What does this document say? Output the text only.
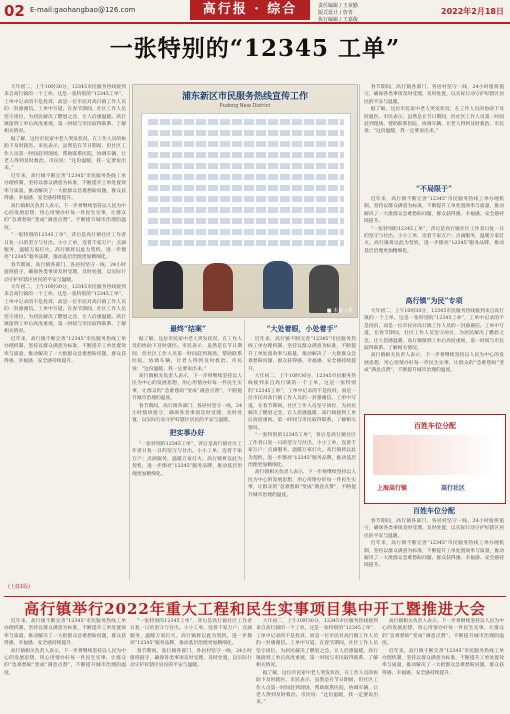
02 E-mail:gaohangbao@126.com	高行报 · 综合	责任编辑 / 王章勤
版式设计 / 詹青
执行编辑 / 王嘉俊
2022年2月18日
一张特别的“12345 工单”

大年初二，上午10时30分，12345市民服务热线接到来自高行镇的一个工单。这是一张特别的“12345工单”，工单中记录的不是投诉，而是一位市民对高行镇工作人员的一封感谢信。工单中写道，在春节期间，社区工作人员坚守岗位，为居民解决了燃眉之急，让人倍感温暖。高行镇接到工单后高度重视，第一时间与市民取得联系，了解相关情况。

据了解，这位市民家中老人突发状况，在工作人员的协助下及时就医。市民表示，虽然是在节日期间，但社区工作人员第一时间赶到现场，帮助联系医院，协调车辆，让老人得到及时救治。市民说：“这份温暖，我一定要说出来。”

近年来，高行镇不断完善“12345”市民服务热线工单办理机制，坚持以群众满意为标准，不断提升工单处置效率与质量，推动解决了一大批群众急难愁盼问题，群众获得感、幸福感、安全感持续提升。

高行镇相关负责人表示，下一步将继续坚持以人民为中心的发展思想，用心用情办好每一件民生实事，让群众的“急难愁盼”变成“满意点赞”，不断提升城市治理的温度。

“一张特别的12345工单”，背后是高行镇社区工作者日复一日的坚守与付出。小小工单，连着千家万户；点滴服务，温暖万家灯火。高行镇将以此为契机，进一步擦亮“12345”服务品牌，推动基层治理更加精细化。

春节期间，高行镇各部门、各居村坚守一线，24小时值班值守，确保各类事项及时受理、及时处置，以实际行动守护好辖区居民的平安与温暖。

大年初二，上午10时30分，12345市民服务热线接到来自高行镇的一个工单。这是一张特别的“12345工单”，工单中记录的不是投诉，而是一位市民对高行镇工作人员的一封感谢信。工单中写道，在春节期间，社区工作人员坚守岗位，为居民解决了燃眉之急，让人倍感温暖。高行镇接到工单后高度重视，第一时间与市民取得联系，了解相关情况。

近年来，高行镇不断完善“12345”市民服务热线工单办理机制，坚持以群众满意为标准，不断提升工单处置效率与质量，推动解决了一大批群众急难愁盼问题，群众获得感、幸福感、安全感持续提升。

浦东新区市民服务热线宣传工作
Pudong New District
■ 本报 / 摄
最终“结案”	“大处着眼，小处着手”

据了解，这位市民家中老人突发状况，在工作人员的协助下及时就医。市民表示，虽然是在节日期间，但社区工作人员第一时间赶到现场，帮助联系医院，协调车辆，让老人得到及时救治。市民说：“这份温暖，我一定要说出来。”

高行镇相关负责人表示，下一步将继续坚持以人民为中心的发展思想，用心用情办好每一件民生实事，让群众的“急难愁盼”变成“满意点赞”，不断提升城市治理的温度。

春节期间，高行镇各部门、各居村坚守一线，24小时值班值守，确保各类事项及时受理、及时处置，以实际行动守护好辖区居民的平安与温暖。

把实事办好

“一张特别的12345工单”，背后是高行镇社区工作者日复一日的坚守与付出。小小工单，连着千家万户；点滴服务，温暖万家灯火。高行镇将以此为契机，进一步擦亮“12345”服务品牌，推动基层治理更加精细化。

近年来，高行镇不断完善“12345”市民服务热线工单办理机制，坚持以群众满意为标准，不断提升工单处置效率与质量，推动解决了一大批群众急难愁盼问题，群众获得感、幸福感、安全感持续提升。

大年初二，上午10时30分，12345市民服务热线接到来自高行镇的一个工单。这是一张特别的“12345工单”，工单中记录的不是投诉，而是一位市民对高行镇工作人员的一封感谢信。工单中写道，在春节期间，社区工作人员坚守岗位，为居民解决了燃眉之急，让人倍感温暖。高行镇接到工单后高度重视，第一时间与市民取得联系，了解相关情况。

“一张特别的12345工单”，背后是高行镇社区工作者日复一日的坚守与付出。小小工单，连着千家万户；点滴服务，温暖万家灯火。高行镇将以此为契机，进一步擦亮“12345”服务品牌，推动基层治理更加精细化。

高行镇相关负责人表示，下一步将继续坚持以人民为中心的发展思想，用心用情办好每一件民生实事，让群众的“急难愁盼”变成“满意点赞”，不断提升城市治理的温度。

春节期间，高行镇各部门、各居村坚守一线，24小时值班值守，确保各类事项及时受理、及时处置，以实际行动守护好辖区居民的平安与温暖。

据了解，这位市民家中老人突发状况，在工作人员的协助下及时就医。市民表示，虽然是在节日期间，但社区工作人员第一时间赶到现场，帮助联系医院，协调车辆，让老人得到及时救治。市民说：“这份温暖，我一定要说出来。”

“不局限于”

近年来，高行镇不断完善“12345”市民服务热线工单办理机制，坚持以群众满意为标准，不断提升工单处置效率与质量，推动解决了一大批群众急难愁盼问题，群众获得感、幸福感、安全感持续提升。

“一张特别的12345工单”，背后是高行镇社区工作者日复一日的坚守与付出。小小工单，连着千家万户；点滴服务，温暖万家灯火。高行镇将以此为契机，进一步擦亮“12345”服务品牌，推动基层治理更加精细化。

高行镇“为民”专项

大年初二，上午10时30分，12345市民服务热线接到来自高行镇的一个工单。这是一张特别的“12345工单”，工单中记录的不是投诉，而是一位市民对高行镇工作人员的一封感谢信。工单中写道，在春节期间，社区工作人员坚守岗位，为居民解决了燃眉之急，让人倍感温暖。高行镇接到工单后高度重视，第一时间与市民取得联系，了解相关情况。

高行镇相关负责人表示，下一步将继续坚持以人民为中心的发展思想，用心用情办好每一件民生实事，让群众的“急难愁盼”变成“满意点赞”，不断提升城市治理的温度。

百姓车位分配
上海高行镇	高行社区
百姓车位分配

春节期间，高行镇各部门、各居村坚守一线，24小时值班值守，确保各类事项及时受理、及时处置，以实际行动守护好辖区居民的平安与温暖。

近年来，高行镇不断完善“12345”市民服务热线工单办理机制，坚持以群众满意为标准，不断提升工单处置效率与质量，推动解决了一大批群众急难愁盼问题，群众获得感、幸福感、安全感持续提升。

(上接1版)
高行镇举行2022年重大工程和民生实事项目集中开工暨推进大会

近年来，高行镇不断完善“12345”市民服务热线工单办理机制，坚持以群众满意为标准，不断提升工单处置效率与质量，推动解决了一大批群众急难愁盼问题，群众获得感、幸福感、安全感持续提升。

高行镇相关负责人表示，下一步将继续坚持以人民为中心的发展思想，用心用情办好每一件民生实事，让群众的“急难愁盼”变成“满意点赞”，不断提升城市治理的温度。

“一张特别的12345工单”，背后是高行镇社区工作者日复一日的坚守与付出。小小工单，连着千家万户；点滴服务，温暖万家灯火。高行镇将以此为契机，进一步擦亮“12345”服务品牌，推动基层治理更加精细化。

春节期间，高行镇各部门、各居村坚守一线，24小时值班值守，确保各类事项及时受理、及时处置，以实际行动守护好辖区居民的平安与温暖。

大年初二，上午10时30分，12345市民服务热线接到来自高行镇的一个工单。这是一张特别的“12345工单”，工单中记录的不是投诉，而是一位市民对高行镇工作人员的一封感谢信。工单中写道，在春节期间，社区工作人员坚守岗位，为居民解决了燃眉之急，让人倍感温暖。高行镇接到工单后高度重视，第一时间与市民取得联系，了解相关情况。

据了解，这位市民家中老人突发状况，在工作人员的协助下及时就医。市民表示，虽然是在节日期间，但社区工作人员第一时间赶到现场，帮助联系医院，协调车辆，让老人得到及时救治。市民说：“这份温暖，我一定要说出来。”

高行镇相关负责人表示，下一步将继续坚持以人民为中心的发展思想，用心用情办好每一件民生实事，让群众的“急难愁盼”变成“满意点赞”，不断提升城市治理的温度。

近年来，高行镇不断完善“12345”市民服务热线工单办理机制，坚持以群众满意为标准，不断提升工单处置效率与质量，推动解决了一大批群众急难愁盼问题，群众获得感、幸福感、安全感持续提升。
